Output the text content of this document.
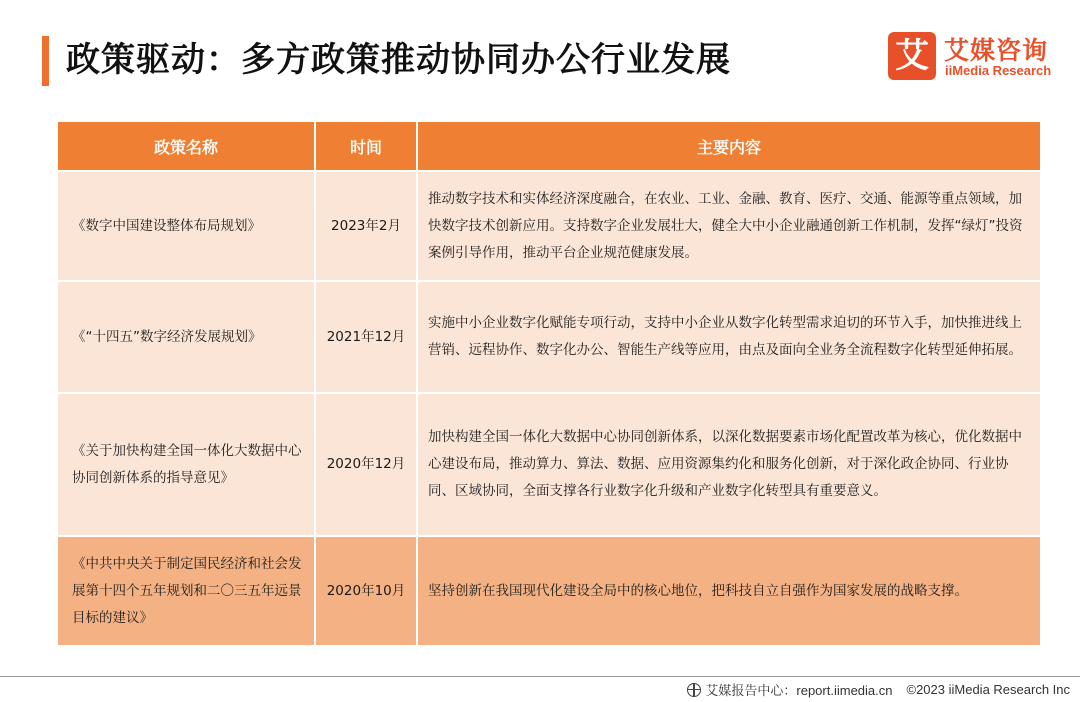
政策驱动：多方政策推动协同办公行业发展	艾 艾媒咨询
iiMedia Research
政策名称	时间	主要内容
《数字中国建设整体布局规划》	2023年2月	推动数字技术和实体经济深度融合，在农业、工业、金融、教育、医疗、交通、能源等重点领域，加快数字技术创新应用。支持数字企业发展壮大，健全大中小企业融通创新工作机制，发挥“绿灯”投资案例引导作用，推动平台企业规范健康发展。
《“十四五”数字经济发展规划》	2021年12月	实施中小企业数字化赋能专项行动，支持中小企业从数字化转型需求迫切的环节入手，加快推进线上营销、远程协作、数字化办公、智能生产线等应用，由点及面向全业务全流程数字化转型延伸拓展。
《关于加快构建全国一体化大数据中心协同创新体系的指导意见》	2020年12月	加快构建全国一体化大数据中心协同创新体系，以深化数据要素市场化配置改革为核心，优化数据中心建设布局，推动算力、算法、数据、应用资源集约化和服务化创新，对于深化政企协同、行业协同、区域协同，全面支撑各行业数字化升级和产业数字化转型具有重要意义。
《中共中央关于制定国民经济和社会发展第十四个五年规划和二〇三五年远景目标的建议》	2020年10月	坚持创新在我国现代化建设全局中的核心地位，把科技自立自强作为国家发展的战略支撑。
艾媒报告中心：report.iimedia.cn ©2023 iiMedia Research Inc
